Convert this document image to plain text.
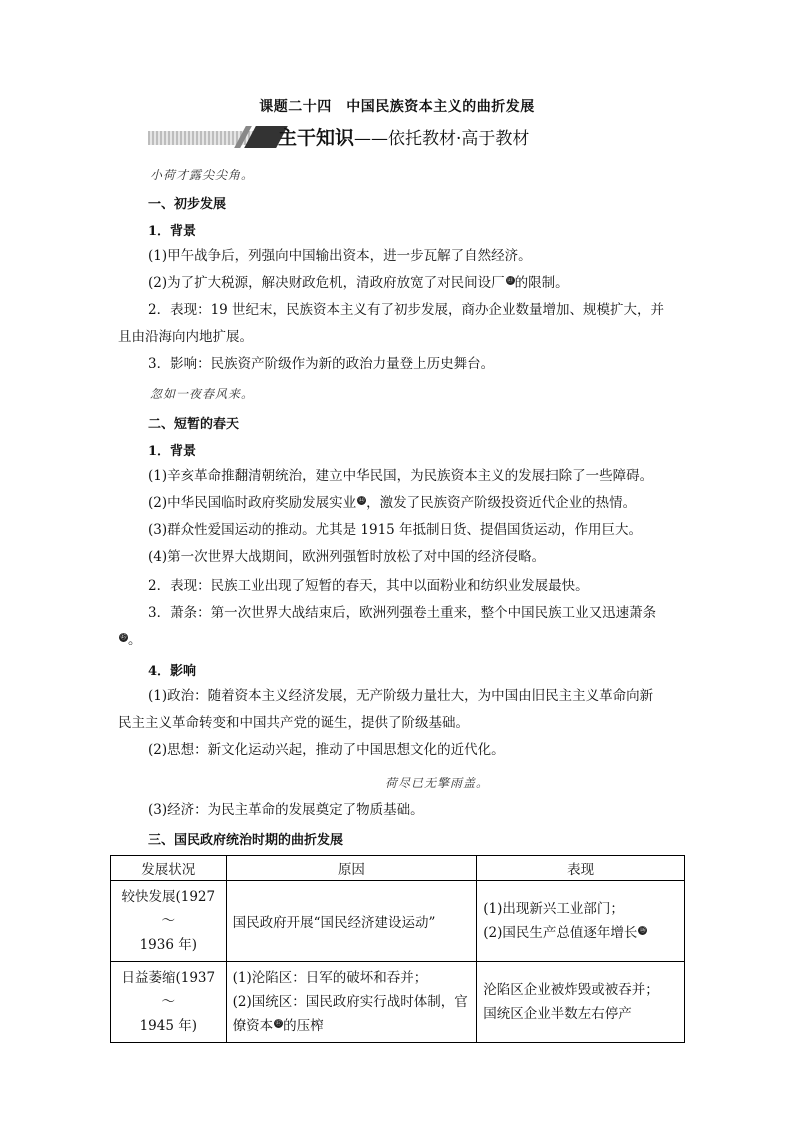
课题二十四　中国民族资本主义的曲折发展
主干知识——依托教材·高于教材
小荷才露尖尖角。
一、初步发展
1．背景
(1)甲午战争后，列强向中国输出资本，进一步瓦解了自然经济。
(2)为了扩大税源，解决财政危机，清政府放宽了对民间设厂 ㊸ 的限制。
2．表现：19 世纪末，民族资本主义有了初步发展，商办企业数量增加、规模扩大，并
且由沿海向内地扩展。
3．影响：民族资产阶级作为新的政治力量登上历史舞台。
忽如一夜春风来。
二、短暂的春天
1．背景
(1)辛亥革命推翻清朝统治，建立中华民国，为民族资本主义的发展扫除了一些障碍。
(2)中华民国临时政府奖励发展实业 ㊹ ，激发了民族资产阶级投资近代企业的热情。
(3)群众性爱国运动的推动。尤其是 1915 年抵制日货、提倡国货运动，作用巨大。
(4)第一次世界大战期间，欧洲列强暂时放松了对中国的经济侵略。
2．表现：民族工业出现了短暂的春天，其中以面粉业和纺织业发展最快。
3．萧条：第一次世界大战结束后，欧洲列强卷土重来，整个中国民族工业又迅速萧条
㊺ 。
4．影响
(1)政治：随着资本主义经济发展，无产阶级力量壮大，为中国由旧民主主义革命向新
民主主义革命转变和中国共产党的诞生，提供了阶级基础。
(2)思想：新文化运动兴起，推动了中国思想文化的近代化。
荷尽已无擎雨盖。
(3)经济：为民主革命的发展奠定了物质基础。
三、国民政府统治时期的曲折发展
发展状况	原因	表现

较快发展(1927～
1936 年)	国民政府开展“国民经济建设运动”	(1)出现新兴工业部门；
(2)国民生产总值逐年增长 ㊻

日益萎缩(1937～
1945 年)	(1)沦陷区：日军的破坏和吞并；
(2)国统区：国民政府实行战时体制，官
僚资本 ㊼ 的压榨	沦陷区企业被炸毁或被吞并；
国统区企业半数左右停产
